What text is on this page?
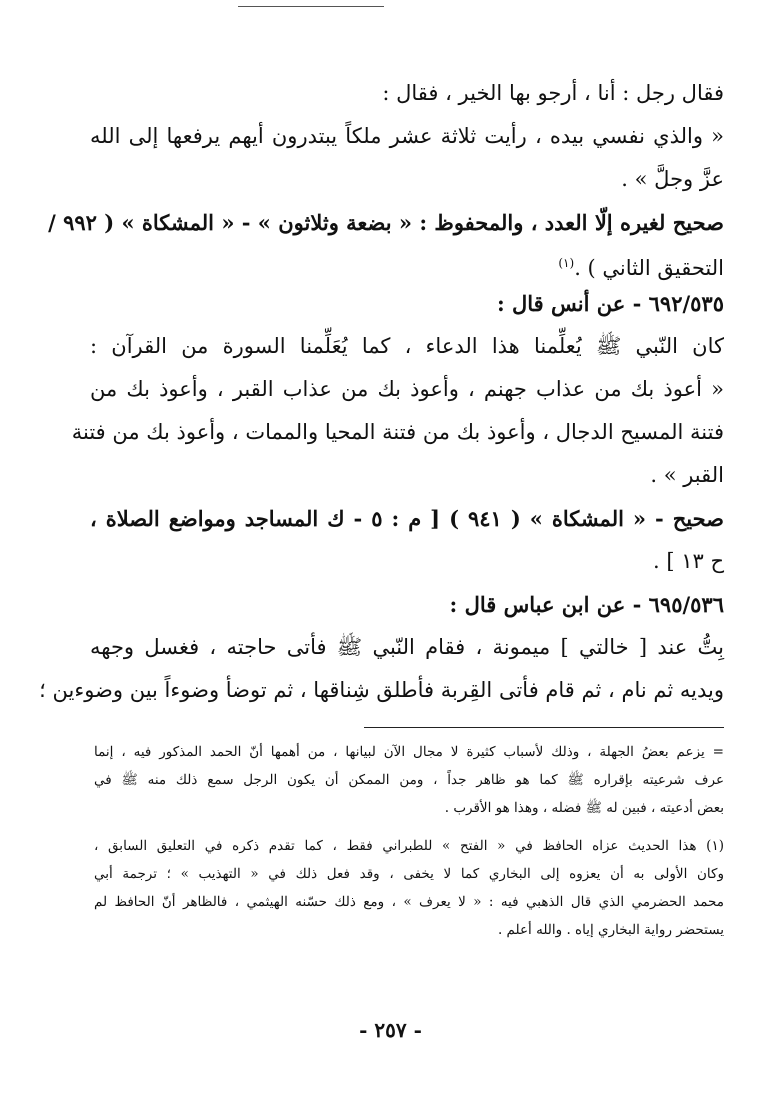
فقال رجل : أنا ، أرجو بها الخير ، فقال :
« والذي نفسي بيده ، رأيت ثلاثة عشر ملكاً يبتدرون أيهم يرفعها إلى الله
عزَّ وجلَّ » .
صحيح لغيره إلّا العدد ، والمحفوظ : « بضعة وثلاثون » - « المشكاة » ( ٩٩٢ /
التحقيق الثاني ) .$^{(١)}$
٦٩٢/٥٣٥ - عن أنس قال :
كان النّبي ﷺ يُعلِّمنا هذا الدعاء ، كما يُعَلِّمنا السورة من القرآن :
« أعوذ بك من عذاب جهنم ، وأعوذ بك من عذاب القبر ، وأعوذ بك من
فتنة المسيح الدجال ، وأعوذ بك من فتنة المحيا والممات ، وأعوذ بك من فتنة
القبر » .
صحيح - « المشكاة » ( ٩٤١ ) [ م : ٥ - ك المساجد ومواضع الصلاة ،
ح ١٣ ] .
٦٩٥/٥٣٦ - عن ابن عباس قال :
بِتُّ عند [ خالتي ] ميمونة ، فقام النّبي ﷺ فأتى حاجته ، فغسل وجهه
ويديه ثم نام ، ثم قام فأتى القِربة فأطلق شِناقها ، ثم توضأ وضوءاً بين وضوءين ؛
= يزعم بعضُ الجهلة ، وذلك لأسباب كثيرة لا مجال الآن لبيانها ، من أهمها أنّ الحمد المذكور فيه ، إنما
عرف شرعيته بإقراره ﷺ كما هو ظاهر جداً ، ومن الممكن أن يكون الرجل سمع ذلك منه ﷺ في
بعض أدعيته ، فبين له ﷺ فضله ، وهذا هو الأقرب .
(١) هذا الحديث عزاه الحافظ في « الفتح » للطبراني فقط ، كما تقدم ذكره في التعليق السابق ،
وكان الأولى به أن يعزوه إلى البخاري كما لا يخفى ، وقد فعل ذلك في « التهذيب » ؛ ترجمة أبي
محمد الحضرمي الذي قال الذهبي فيه : « لا يعرف » ، ومع ذلك حسّنه الهيثمي ، فالظاهر أنّ الحافظ لم
يستحضر رواية البخاري إياه . والله أعلم .
- ٢٥٧ -
